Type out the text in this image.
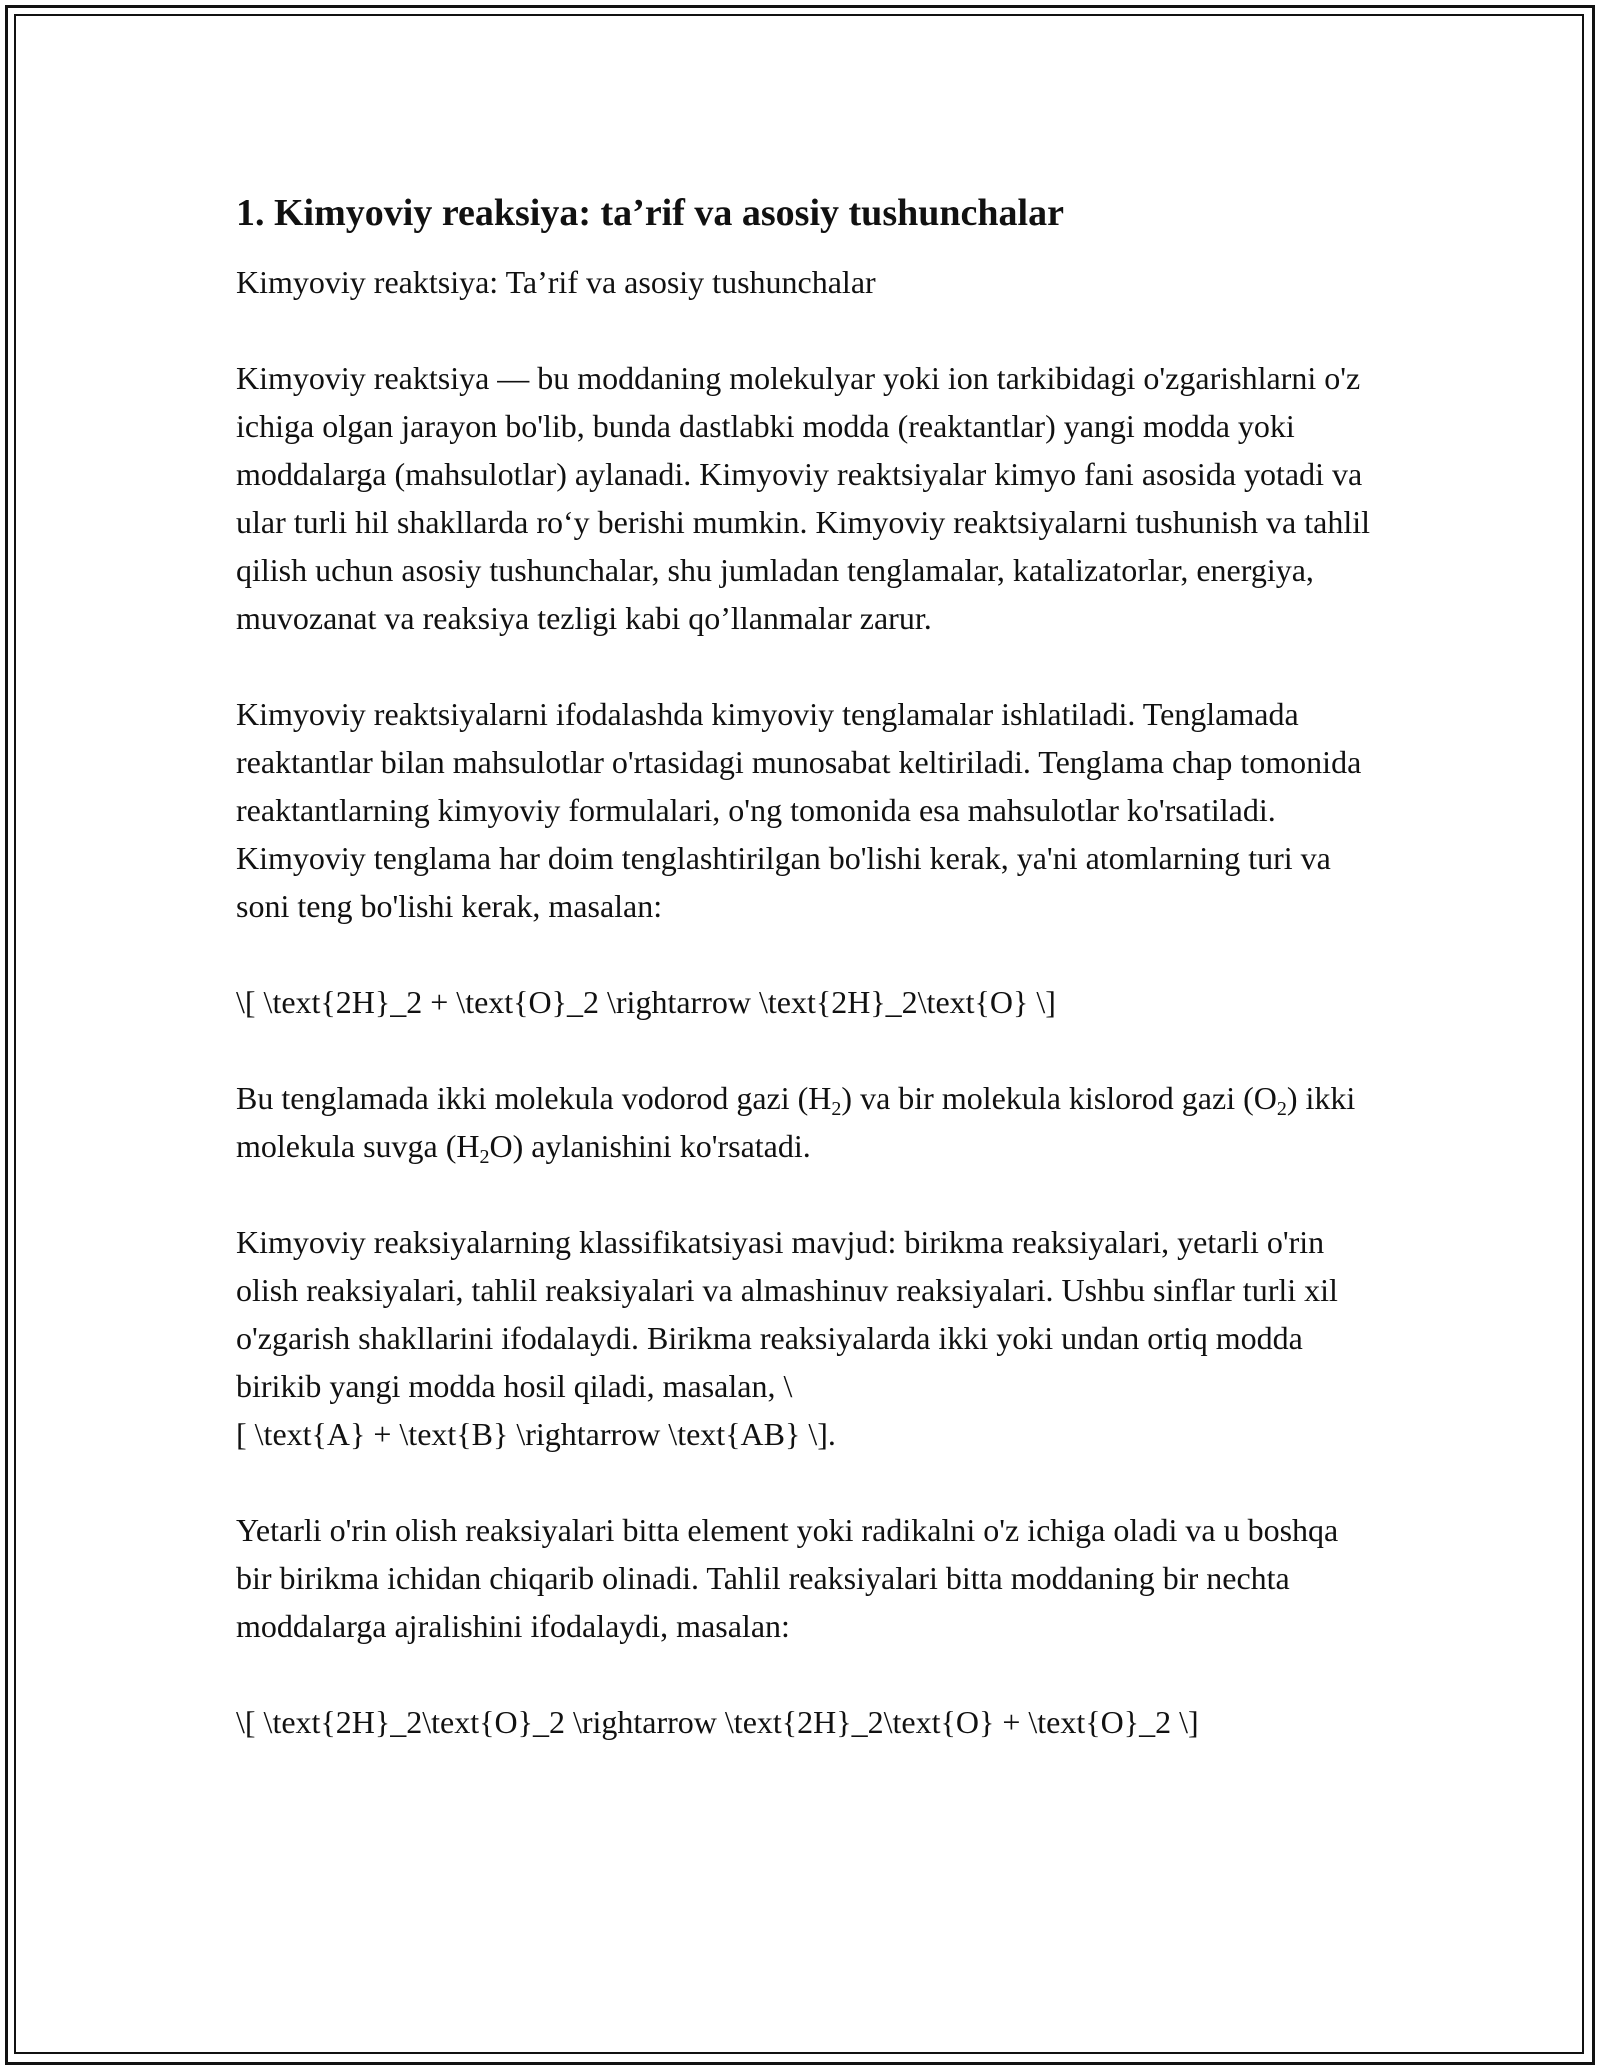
1. Kimyoviy reaksiya: ta’rif va asosiy tushunchalar
Kimyoviy reaktsiya: Ta’rif va asosiy tushunchalar

Kimyoviy reaktsiya — bu moddaning molekulyar yoki ion tarkibidagi o'zgarishlarni o'z ichiga olgan jarayon bo'lib, bunda dastlabki modda (reaktantlar) yangi modda yoki moddalarga (mahsulotlar) aylanadi. Kimyoviy reaktsiyalar kimyo fani asosida yotadi va ular turli hil shakllarda ro‘y berishi mumkin. Kimyoviy reaktsiyalarni tushunish va tahlil qilish uchun asosiy tushunchalar, shu jumladan tenglamalar, katalizatorlar, energiya, muvozanat va reaksiya tezligi kabi qo’llanmalar zarur.

Kimyoviy reaktsiyalarni ifodalashda kimyoviy tenglamalar ishlatiladi. Tenglamada reaktantlar bilan mahsulotlar o'rtasidagi munosabat keltiriladi. Tenglama chap tomonida reaktantlarning kimyoviy formulalari, o'ng tomonida esa mahsulotlar ko'rsatiladi. Kimyoviy tenglama har doim tenglashtirilgan bo'lishi kerak, ya'ni atomlarning turi va soni teng bo'lishi kerak, masalan:

\[ \text{2H}_2 + \text{O}_2 \rightarrow \text{2H}_2\text{O} \]

Bu tenglamada ikki molekula vodorod gazi $(H_2)$ va bir molekula kislorod gazi $(O_2)$ ikki molekula suvga $(H_2O)$ aylanishini ko'rsatadi.

Kimyoviy reaksiyalarning klassifikatsiyasi mavjud: birikma reaksiyalari, yetarli o'rin olish reaksiyalari, tahlil reaksiyalari va almashinuv reaksiyalari. Ushbu sinflar turli xil o'zgarish shakllarini ifodalaydi. Birikma reaksiyalarda ikki yoki undan ortiq modda birikib yangi modda hosil qiladi, masalan, \
[ \text{A} + \text{B} \rightarrow \text{AB} \].

Yetarli o'rin olish reaksiyalari bitta element yoki radikalni o'z ichiga oladi va u boshqa bir birikma ichidan chiqarib olinadi. Tahlil reaksiyalari bitta moddaning bir nechta moddalarga ajralishini ifodalaydi, masalan:

\[ \text{2H}_2\text{O}_2 \rightarrow \text{2H}_2\text{O} + \text{O}_2 \]
